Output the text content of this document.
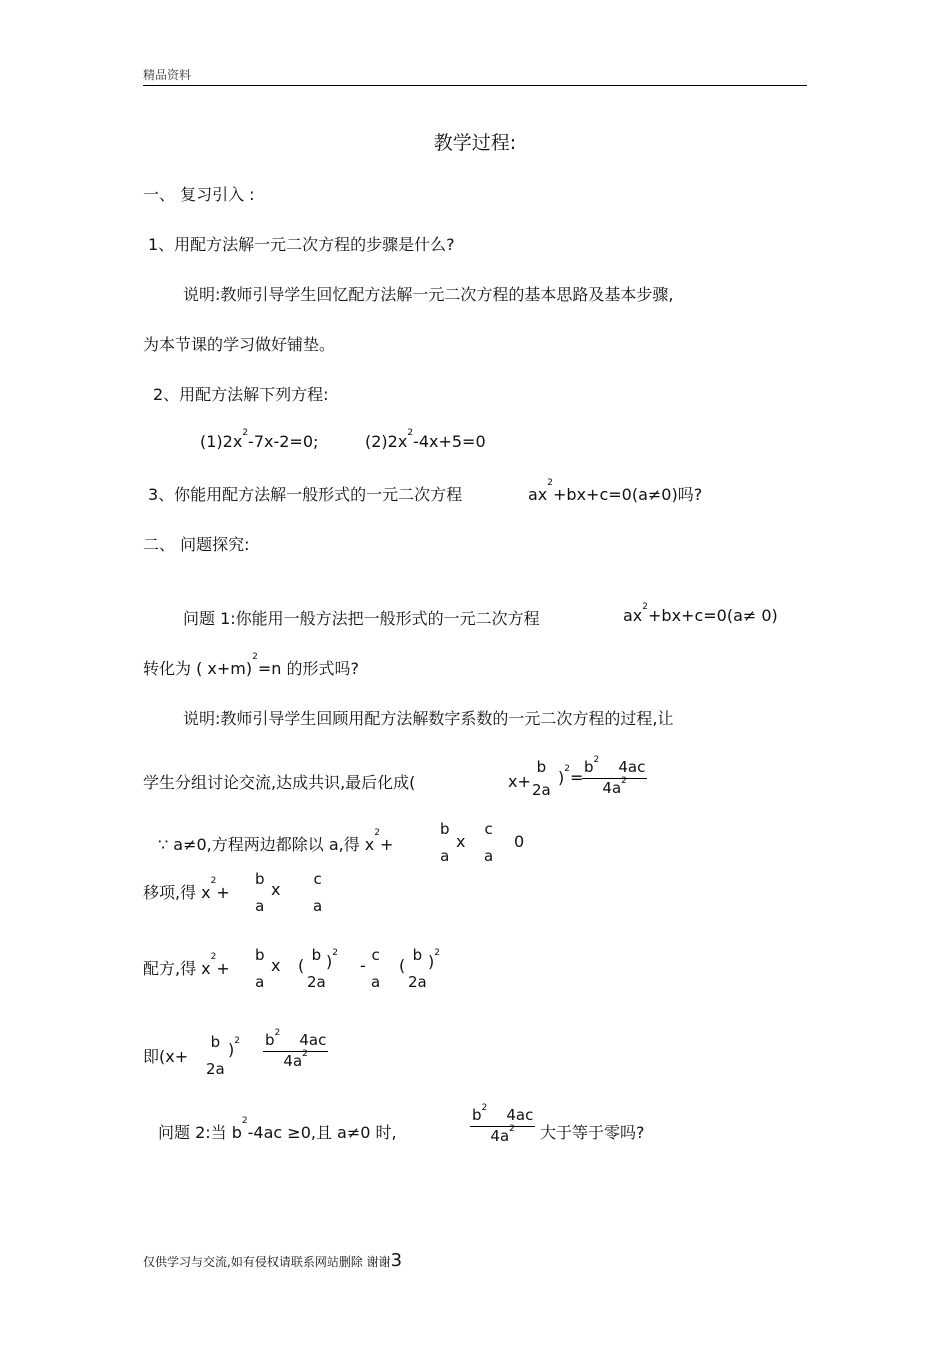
精品资料
教学过程:
一、 复习引入 :
1、用配方法解一元二次方程的步骤是什么?
说明:教师引导学生回忆配方法解一元二次方程的基本思路及基本步骤,
为本节课的学习做好铺垫。
2、用配方法解下列方程:
$(1)2x^2-7x-2=0$;	$(2)2x^2-4x+5=0$
3、你能用配方法解一般形式的一元二次方程	$ax^2+bx+c=0(a\ne 0)$吗?
二、 问题探究:
问题 1:你能用一般方法把一般形式的一元二次方程	$ax^2+bx+c=0(a\ne 0)$
转化为 ( x+m)$^2$=n 的形式吗?
说明:教师引导学生回顾用配方法解数字系数的一元二次方程的过程,让
学生分组讨论交流,达成共识,最后化成(	x+
b
2a
)$^2$=
$\frac{b^2 4ac}{4a^2}$
∵ a≠0,方程两边都除以 a,得 $x^2+$
b
a
x
c
a
0
移项,得 $x^2+$
b
a
x
c
a
配方,得 $x^2+$
b
a
x (
b
2a
)$^2$
-
c
a
(
b
2a
)$^2$
即(x+
b
2a
)$^2 \frac{b^2 4ac}{4a^2}$
问题 2:当 $b^2-4ac \ge 0$,且 a≠0 时,	$\frac{b^2 4ac}{4a^2}$ 大于等于零吗?
仅供学习与交流,如有侵权请联系网站删除 谢谢3
